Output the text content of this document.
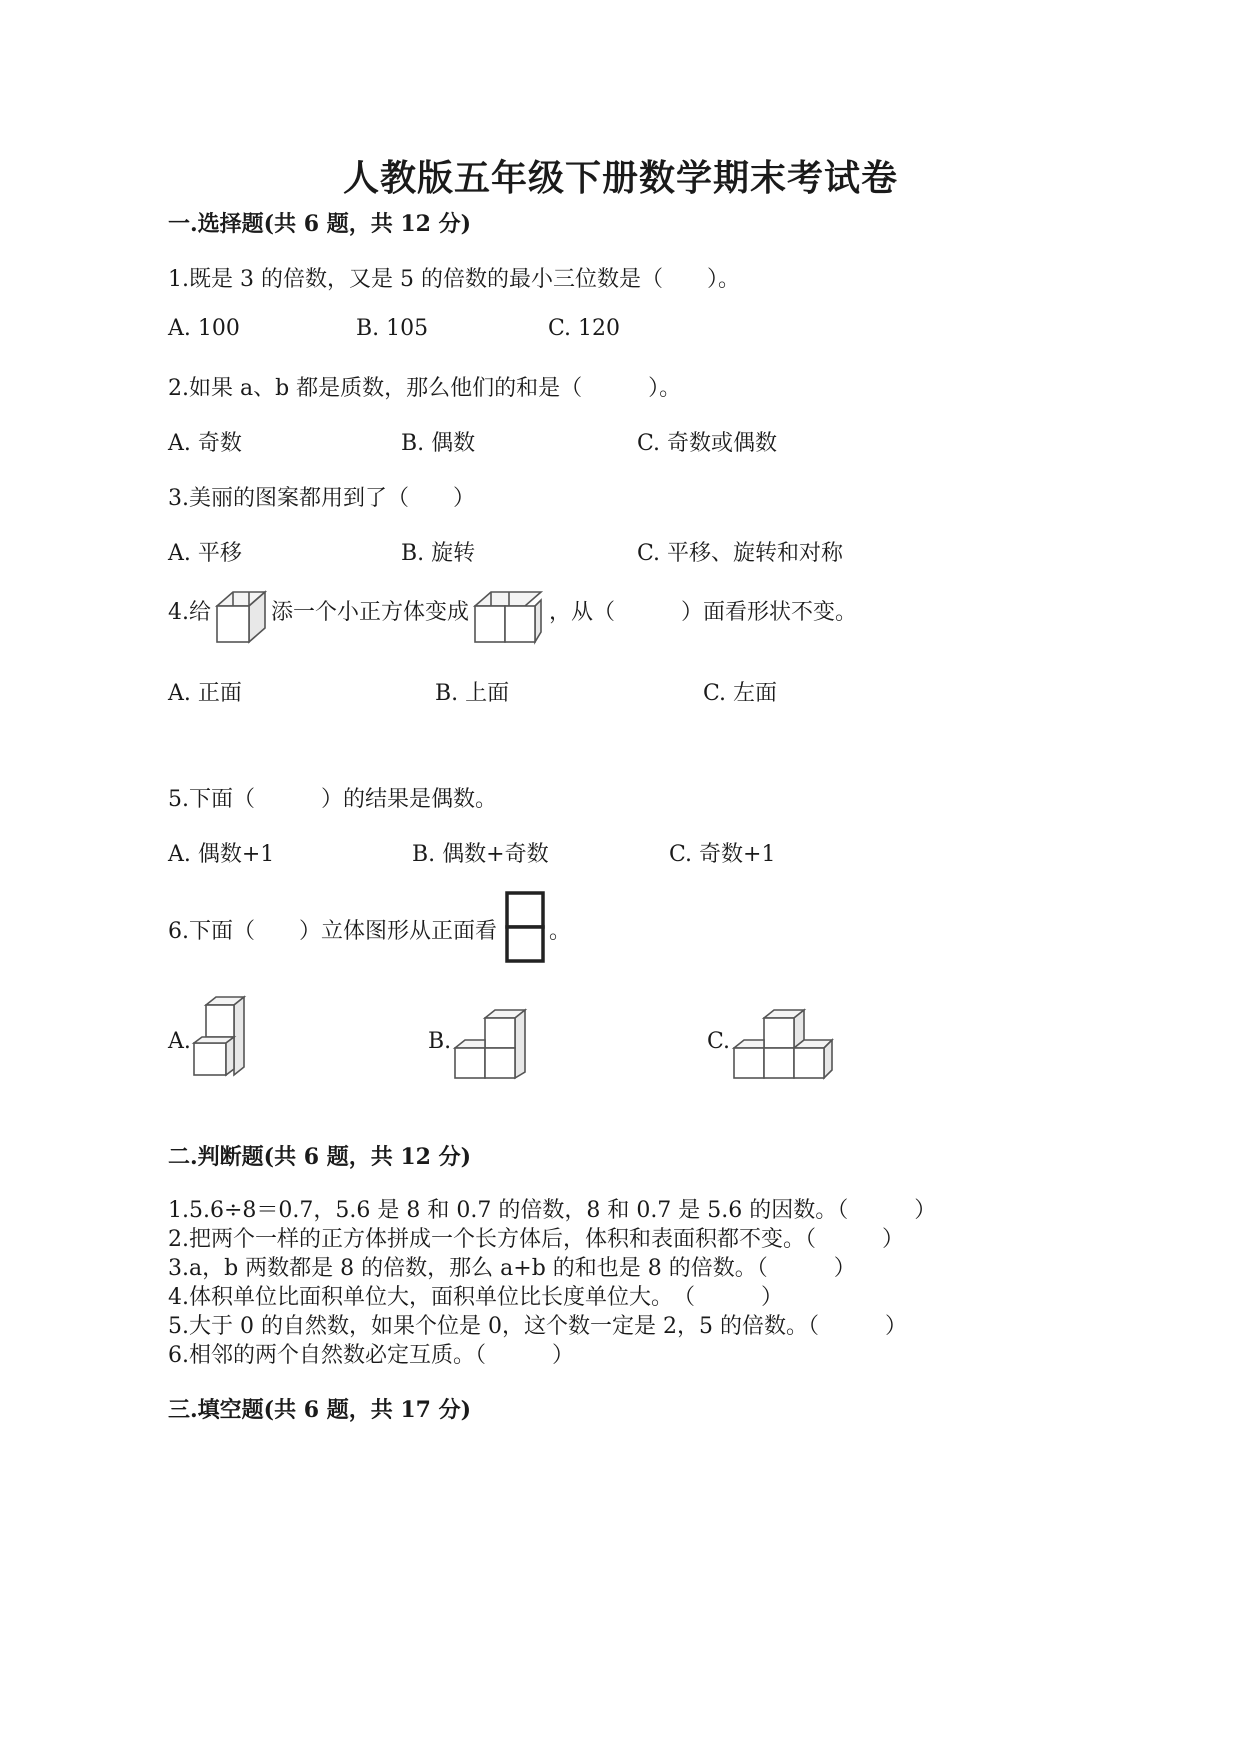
人教版五年级下册数学期末考试卷
一.选择题(共 6 题，共 12 分)
1.既是 3 的倍数，又是 5 的倍数的最小三位数是（　　）。
A. 100	B. 105	C. 120
2.如果 a、b 都是质数，那么他们的和是（　　　）。
A. 奇数	B. 偶数	C. 奇数或偶数
3.美丽的图案都用到了（　　）
A. 平移	B. 旋转	C. 平移、旋转和对称
4.给	添一个小正方体变成	，从（　　　）面看形状不变。
A. 正面	B. 上面	C. 左面
5.下面（　　　）的结果是偶数。
A. 偶数+1	B. 偶数+奇数	C. 奇数+1
6.下面（　　）立体图形从正面看 。
A.	B.	C.
二.判断题(共 6 题，共 12 分)
1.5.6÷8＝0.7，5.6 是 8 和 0.7 的倍数，8 和 0.7 是 5.6 的因数。（　　　）
2.把两个一样的正方体拼成一个长方体后，体积和表面积都不变。（　　　）
3.a，b 两数都是 8 的倍数，那么 a+b 的和也是 8 的倍数。（　　　）
4.体积单位比面积单位大，面积单位比长度单位大。　（　　　）
5.大于 0 的自然数，如果个位是 0，这个数一定是 2，5 的倍数。（　　　）
6.相邻的两个自然数必定互质。（　　　）
三.填空题(共 6 题，共 17 分)
